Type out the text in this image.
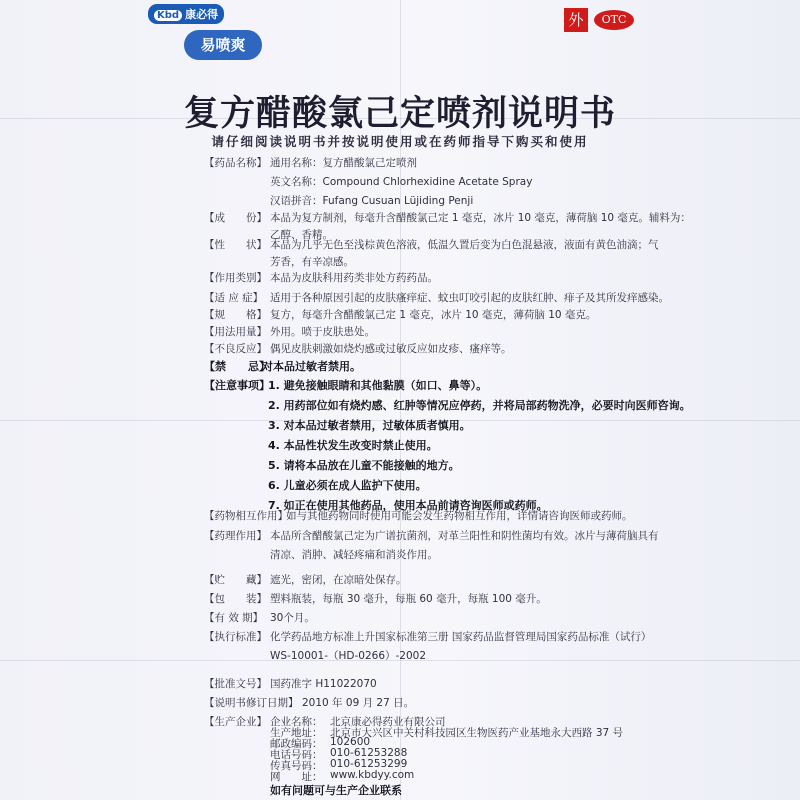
Kbd 康必得
易喷爽
外	OTC
复方醋酸氯己定喷剂说明书
请仔细阅读说明书并按说明使用或在药师指导下购买和使用
【药品名称】 通用名称：复方醋酸氯己定喷剂
英文名称：Compound Chlorhexidine Acetate Spray
汉语拼音：Fufang Cusuan Lüjiding Penji
【成　　份】 本品为复方制剂，每毫升含醋酸氯己定 1 毫克，冰片 10 毫克，薄荷脑 10 毫克。辅料为：
乙醇、香精。
【性　　状】 本品为几乎无色至浅棕黄色溶液，低温久置后变为白色混悬液，液面有黄色油滴；气
芳香，有辛凉感。
【作用类别】 本品为皮肤科用药类非处方药药品。
【适 应 症】 适用于各种原因引起的皮肤瘙痒症、蚊虫叮咬引起的皮肤红肿、痱子及其所发痒感染。
【规　　格】 复方，每毫升含醋酸氯己定 1 毫克，冰片 10 毫克，薄荷脑 10 毫克。
【用法用量】 外用。喷于皮肤患处。
【不良反应】 偶见皮肤刺激如烧灼感或过敏反应如皮疹、瘙痒等。
【禁　　忌】
对本品过敏者禁用。
【注意事项】
1. 避免接触眼睛和其他黏膜（如口、鼻等）。
2. 用药部位如有烧灼感、红肿等情况应停药，并将局部药物洗净，必要时向医师咨询。
3. 对本品过敏者禁用，过敏体质者慎用。
4. 本品性状发生改变时禁止使用。
5. 请将本品放在儿童不能接触的地方。
6. 儿童必须在成人监护下使用。
7. 如正在使用其他药品，使用本品前请咨询医师或药师。
【药物相互作用】
如与其他药物同时使用可能会发生药物相互作用，详情请咨询医师或药师。
【药理作用】 本品所含醋酸氯己定为广谱抗菌剂，对革兰阳性和阴性菌均有效。冰片与薄荷脑具有
清凉、消肿、减轻疼痛和消炎作用。
【贮　　藏】 遮光，密闭，在凉暗处保存。
【包　　装】 塑料瓶装，每瓶 30 毫升，每瓶 60 毫升，每瓶 100 毫升。
【有 效 期】 30个月。
【执行标准】 化学药品地方标准上升国家标准第三册 国家药品监督管理局国家药品标准（试行）
WS-10001-（HD-0266）-2002
【批准文号】 国药准字 H11022070
【说明书修订日期】 2010 年 09 月 27 日。
【生产企业】 企业名称： 北京康必得药业有限公司
生产地址： 北京市大兴区中关村科技园区生物医药产业基地永大西路 37 号
邮政编码： 102600
电话号码： 010-61253288
传真号码： 010-61253299
网　　址： www.kbdyy.com
如有问题可与生产企业联系
